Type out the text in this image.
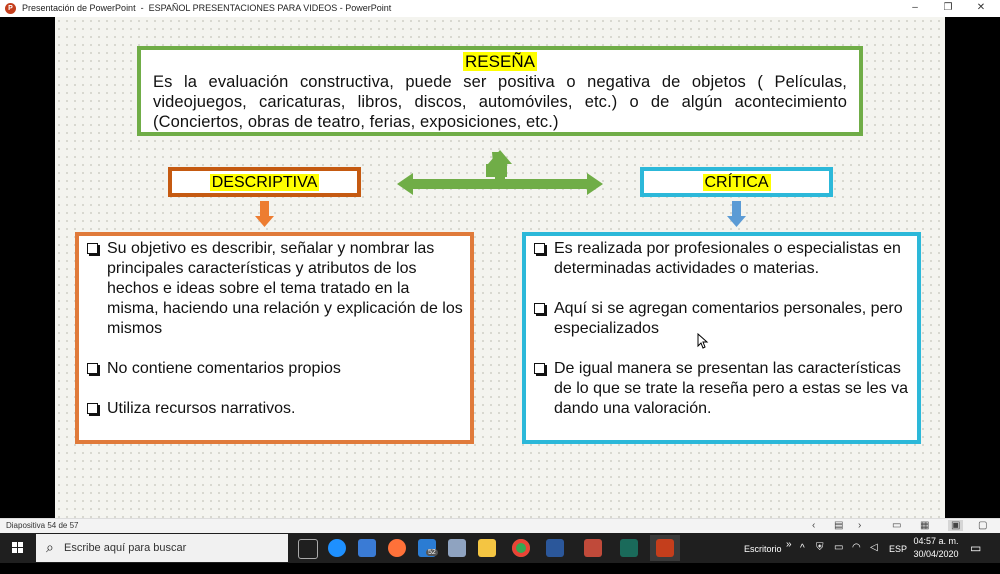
P	Presentación de PowerPoint  -  ESPAÑOL PRESENTACIONES PARA VIDEOS - PowerPoint	–	❐	✕
RESEÑA
Es la evaluación constructiva, puede ser positiva o negativa de objetos ( Películas, videojuegos, caricaturas, libros, discos, automóviles, etc.) o de algún acontecimiento (Conciertos, obras de teatro, ferias, exposiciones, etc.)
DESCRIPTIVA	CRÍTICA
Su objetivo es describir, señalar y nombrar las principales características y atributos de los hechos e ideas sobre el tema tratado en la misma, haciendo una relación y explicación de los mismos
No contiene comentarios propios
Utiliza recursos narrativos.
Es realizada por profesionales o especialistas en determinadas actividades o materias.
Aquí si se agregan comentarios personales, pero especializados
De igual manera se presentan las características de lo que se trate la reseña pero a estas se les va dando una valoración.
Diapositiva 54 de 57	‹ ▤ ›	▭ ▦	▣	▢
⌕ Escribe aquí para buscar	52	Escritorio » ^ ⛨ ▭ ◠ ◁ ESP
04:57 a. m.
30/04/2020 ▭
